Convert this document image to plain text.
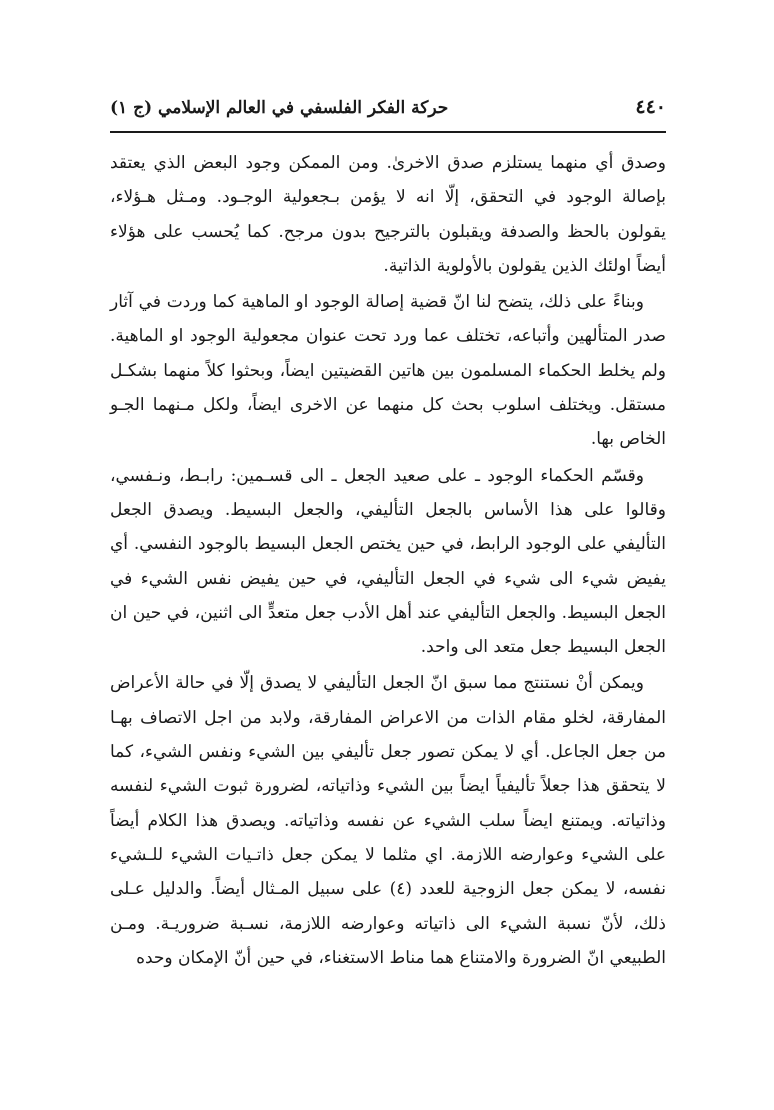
٤٤٠
حركة الفكر الفلسفي في العالم الإسلامي (ج ١)

وصدق أي منهما يستلزم صدق الاخرىٰ. ومن الممكن وجود البعض الذي يعتقد بإصالة الوجود في التحقق، إلّا انه لا يؤمن بـجعولية الوجـود. ومـثل هـؤلاء، يقولون بالحظ والصدفة ويقبلون بالترجيح بدون مرجح. كما يُحسب على هؤلاء أيضاً اولئك الذين يقولون بالأولوية الذاتية.

وبناءً على ذلك، يتضح لنا انّ قضية إصالة الوجود او الماهية كما وردت في آثار صدر المتألهين وأتباعه، تختلف عما ورد تحت عنوان مجعولية الوجود او الماهية. ولم يخلط الحكماء المسلمون بين هاتين القضيتين ايضاً، وبحثوا كلاً منهما بشكـل مستقل. ويختلف اسلوب بحث كل منهما عن الاخرى ايضاً، ولكل مـنهما الجـو الخاص بها.

وقسّم الحكماء الوجود ـ على صعيد الجعل ـ الى قسـمين: رابـط، ونـفسي، وقالوا على هذا الأساس بالجعل التأليفي، والجعل البسيط. ويصدق الجعل التأليفي على الوجود الرابط، في حين يختص الجعل البسيط بالوجود النفسي. أي يفيض شيء الى شيء في الجعل التأليفي، في حين يفيض نفس الشيء في الجعل البسيط. والجعل التأليفي عند أهل الأدب جعل متعدٍّ الى اثنين، في حين ان الجعل البسيط جعل متعد الى واحد.

ويمكن أنْ نستنتج مما سبق انّ الجعل التأليفي لا يصدق إلّا في حالة الأعراض المفارقة، لخلو مقام الذات من الاعراض المفارقة، ولابد من اجل الاتصاف بهـا من جعل الجاعل. أي لا يمكن تصور جعل تأليفي بين الشيء ونفس الشيء، كما لا يتحقق هذا جعلاً تأليفياً ايضاً بين الشيء وذاتياته، لضرورة ثبوت الشيء لنفسه وذاتياته. ويمتنع ايضاً سلب الشيء عن نفسه وذاتياته. ويصدق هذا الكلام أيضاً على الشيء وعوارضه اللازمة. اي مثلما لا يمكن جعل ذاتـيات الشيء للـشيء نفسه، لا يمكن جعل الزوجية للعدد (٤) على سبيل المـثال أيضاً. والدليل عـلى ذلك، لأنّ نسبة الشيء الى ذاتياته وعوارضه اللازمة، نسـبة ضروريـة. ومـن الطبيعي انّ الضرورة والامتناع هما مناط الاستغناء، في حين أنّ الإمكان وحده
